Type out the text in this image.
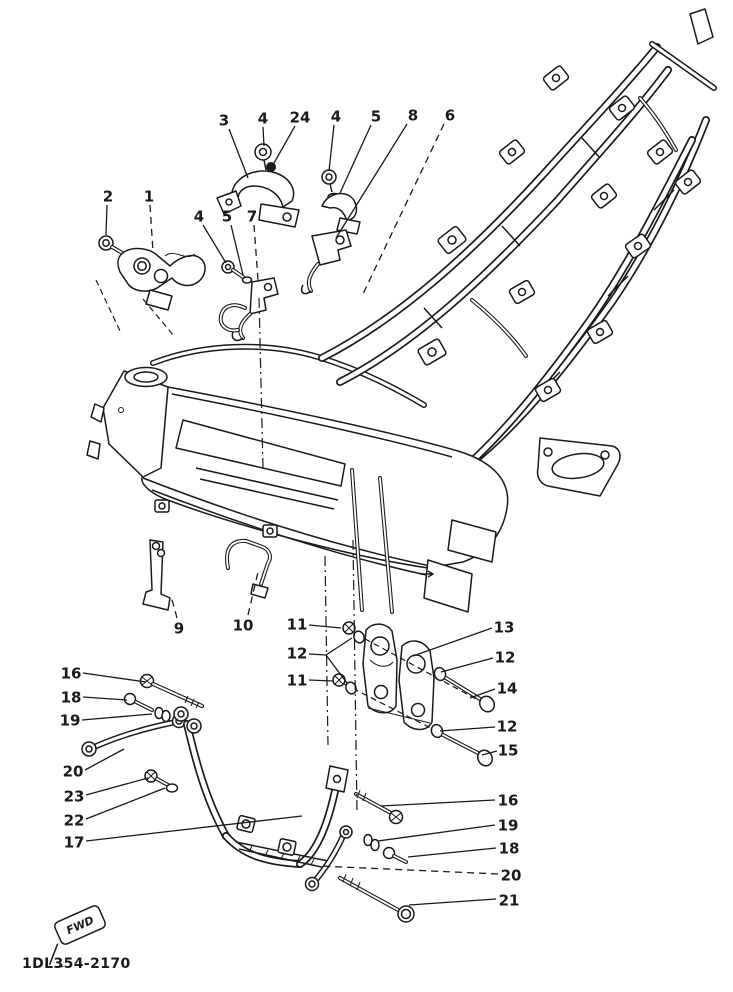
3 4 24 4 5 8 6
2 1
4 5 7
9	10 11
12
11
13
12
14
12
15
16
18
19
20
23
22
17
16
19
18
20
21
FWD
1DL354-2170
